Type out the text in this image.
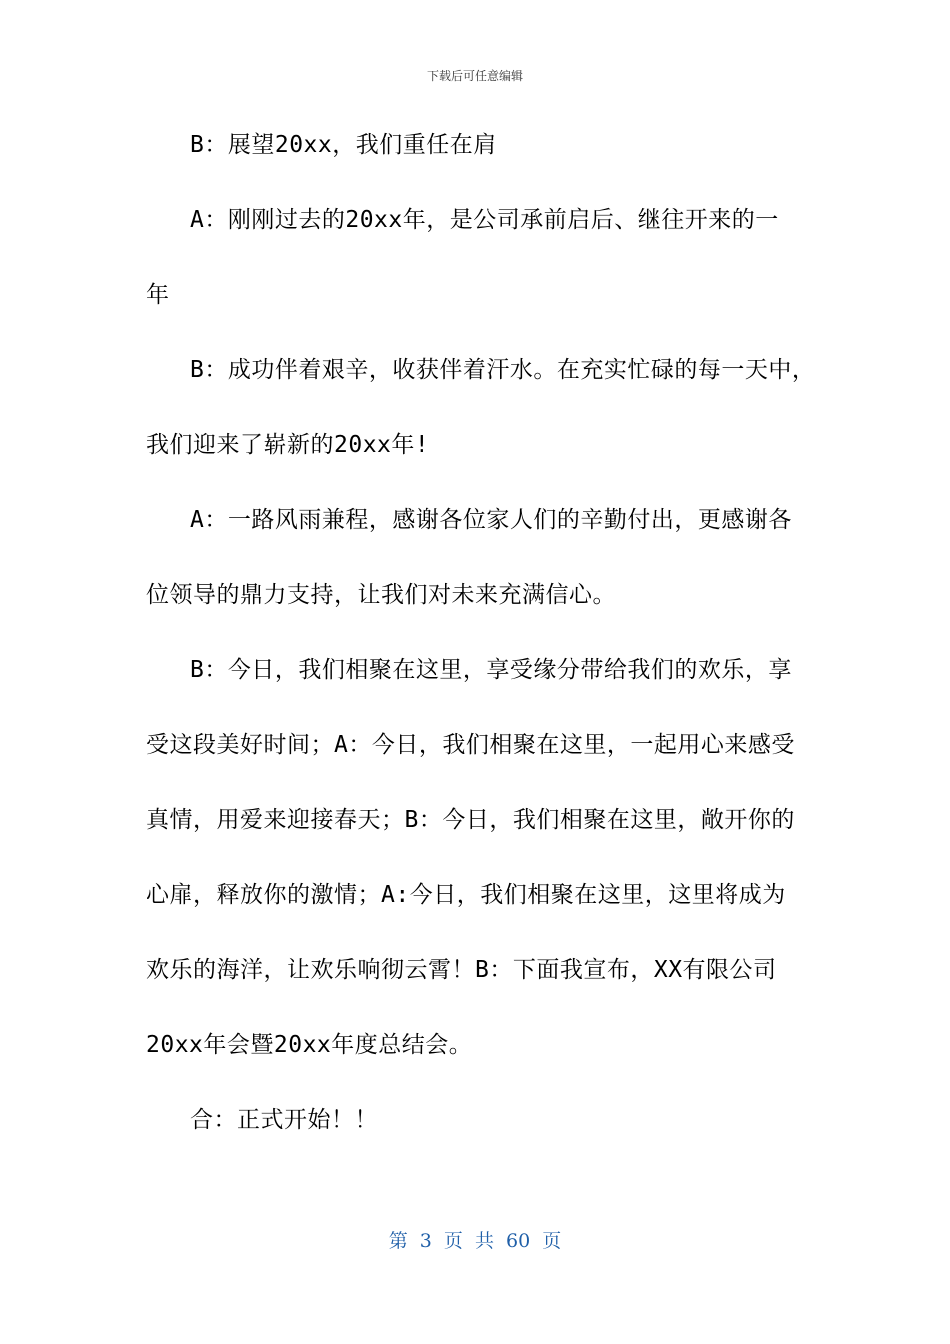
下载后可任意编辑
B：展望20xx，我们重任在肩
A：刚刚过去的20xx年，是公司承前启后、继往开来的一
年
B：成功伴着艰辛，收获伴着汗水。在充实忙碌的每一天中，
我们迎来了崭新的20xx年!
A：一路风雨兼程，感谢各位家人们的辛勤付出，更感谢各
位领导的鼎力支持，让我们对未来充满信心。
B：今日，我们相聚在这里，享受缘分带给我们的欢乐，享
受这段美好时间；A：今日，我们相聚在这里，一起用心来感受
真情，用爱来迎接春天；B：今日，我们相聚在这里，敞开你的
心扉，释放你的激情；A:今日，我们相聚在这里，这里将成为
欢乐的海洋，让欢乐响彻云霄！B：下面我宣布，XX有限公司
20xx年会暨20xx年度总结会。
合：正式开始！！
第 3 页 共 60 页
